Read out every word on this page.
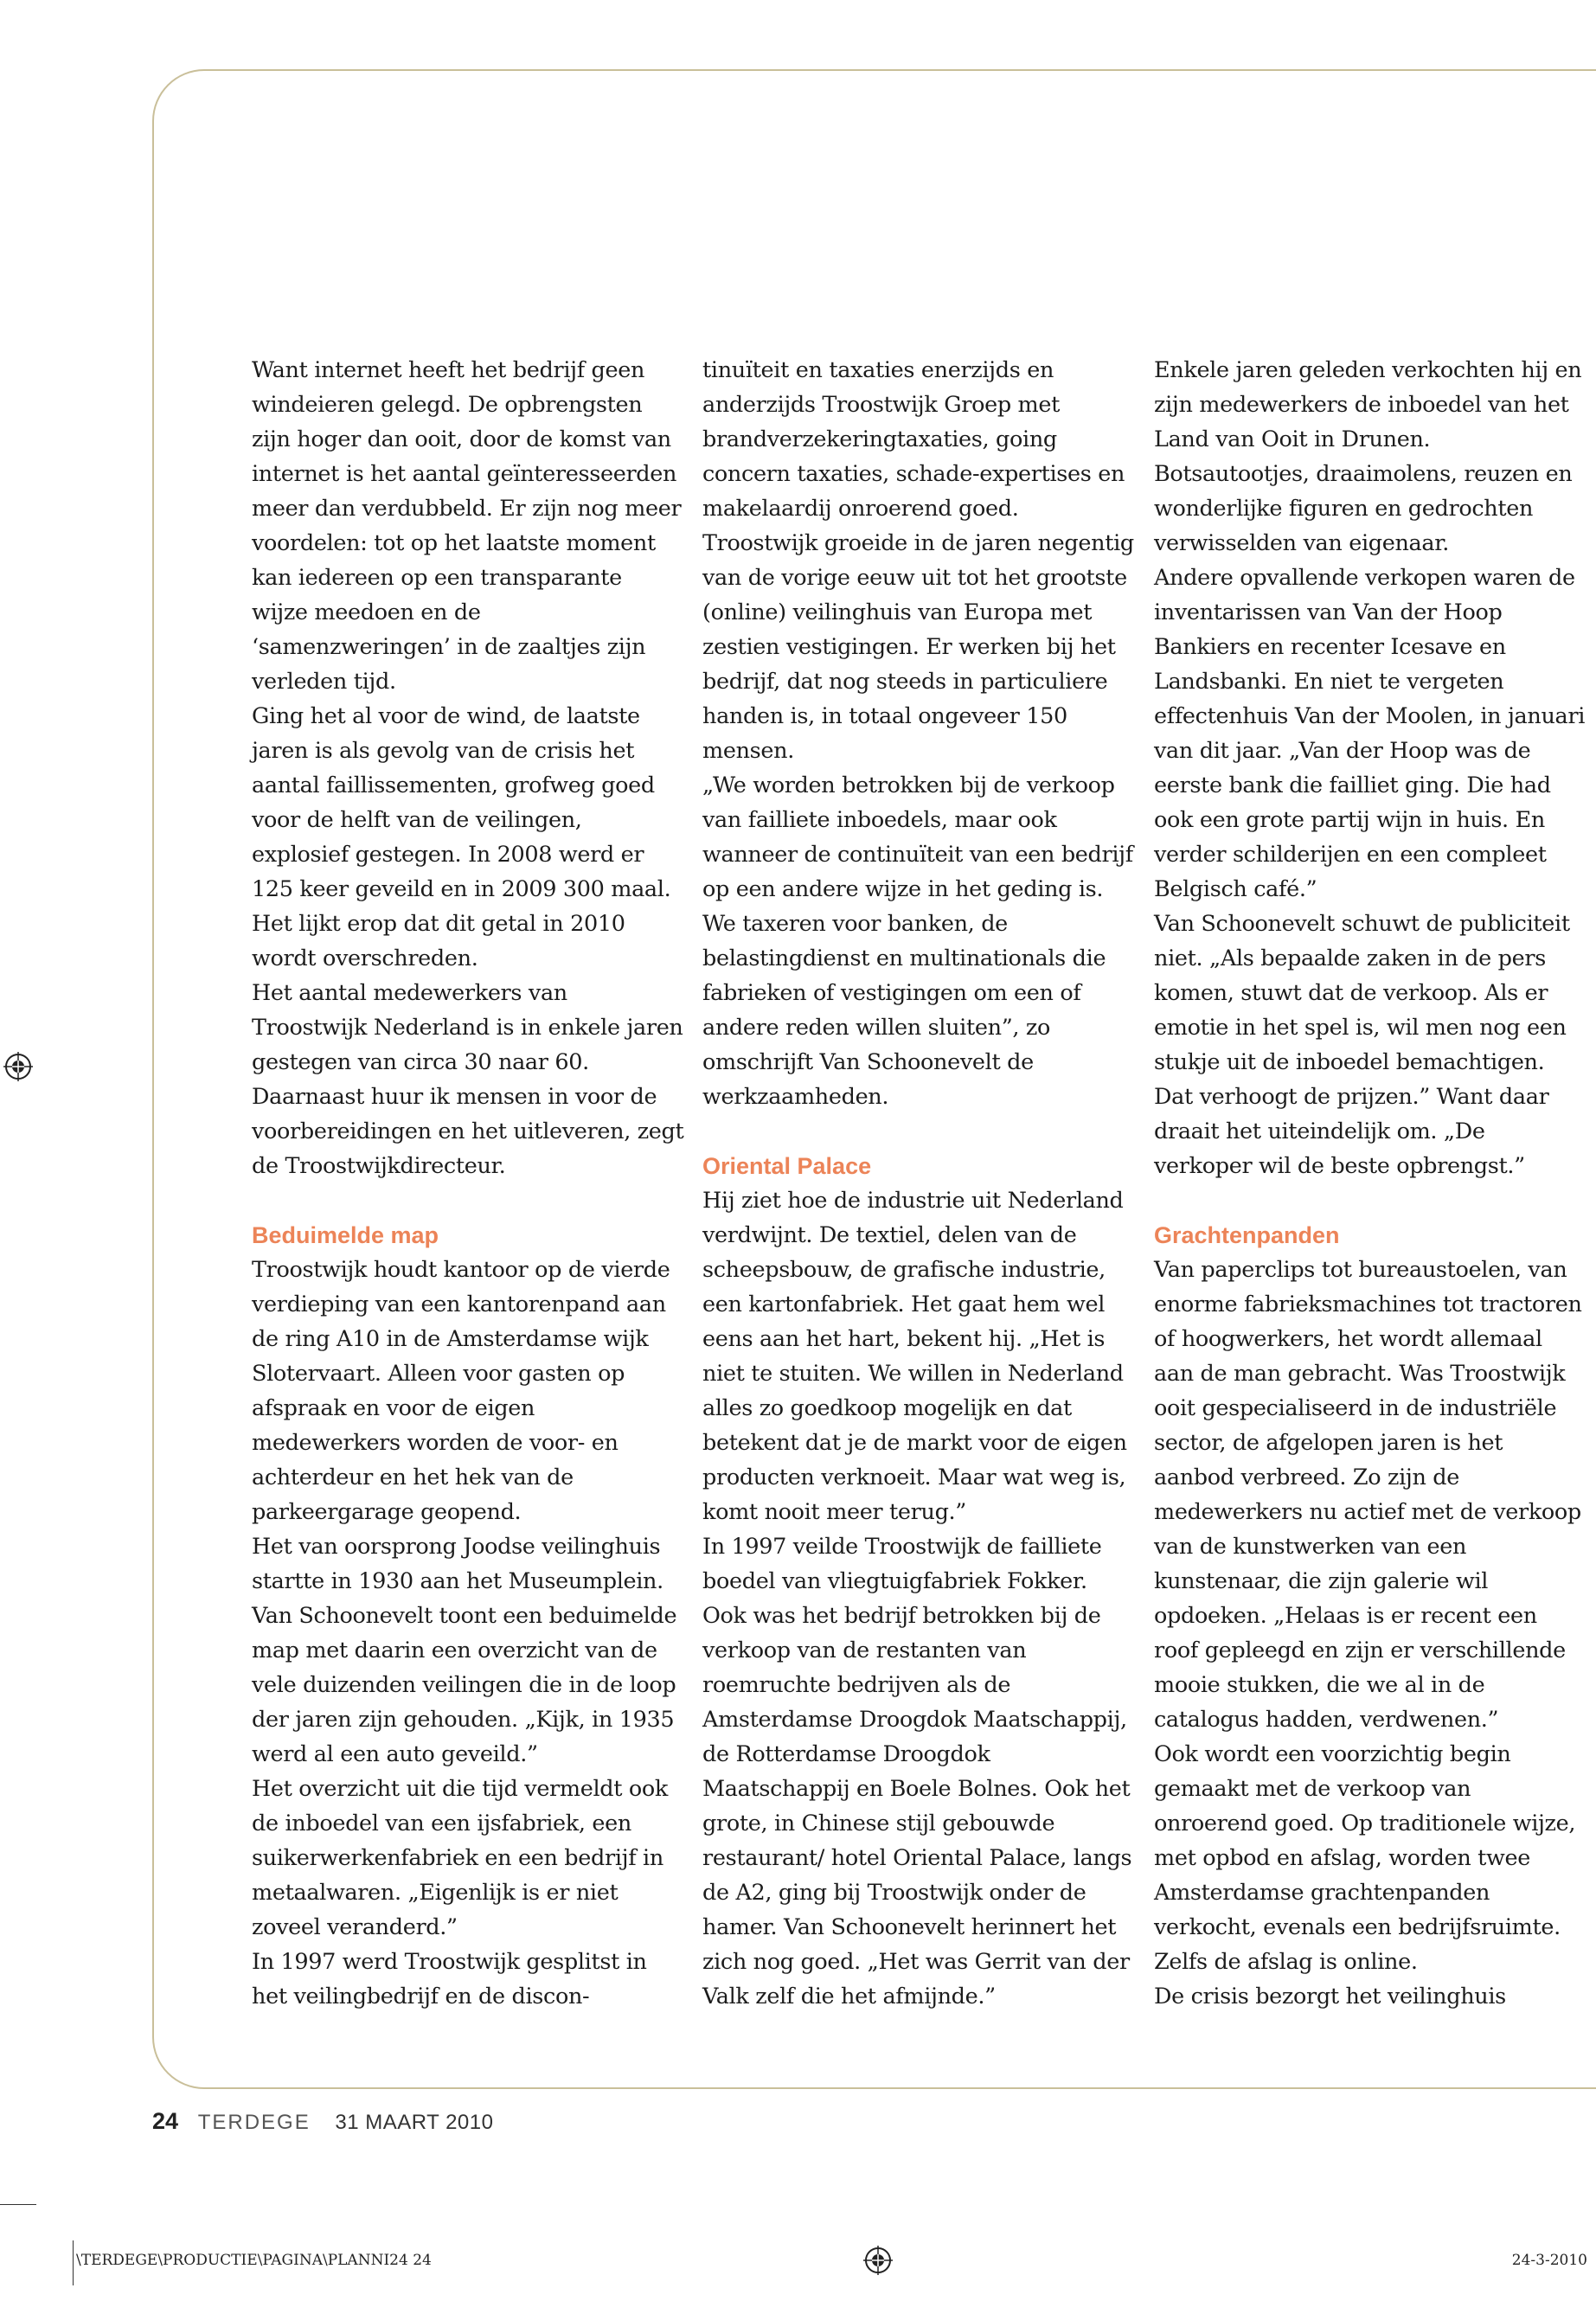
Want internet heeft het bedrijf geen windeieren gelegd. De opbrengsten zijn hoger dan ooit, door de komst van internet is het aantal geïnteresseerden meer dan verdubbeld. Er zijn nog meer voordelen: tot op het laatste moment kan iedereen op een transparante wijze meedoen en de ‘samenzweringen’ in de zaaltjes zijn verleden tijd.

Ging het al voor de wind, de laatste jaren is als gevolg van de crisis het aantal faillissementen, grofweg goed voor de helft van de veilingen, explosief gestegen. In 2008 werd er 125 keer geveild en in 2009 300 maal. Het lijkt erop dat dit getal in 2010 wordt overschreden.

Het aantal medewerkers van Troostwijk Nederland is in enkele jaren gestegen van circa 30 naar 60. Daarnaast huur ik mensen in voor de voorbereidingen en het uitleveren, zegt de Troostwijkdirecteur.

Beduimelde map

Troostwijk houdt kantoor op de vierde verdieping van een kantorenpand aan de ring A10 in de Amsterdamse wijk Slotervaart. Alleen voor gasten op afspraak en voor de eigen medewerkers worden de voor- en achterdeur en het hek van de parkeergarage geopend.

Het van oorsprong Joodse veilinghuis startte in 1930 aan het Museumplein. Van Schoonevelt toont een beduimelde map met daarin een overzicht van de vele duizenden veilingen die in de loop der jaren zijn gehouden. „Kijk, in 1935 werd al een auto geveild.”

Het overzicht uit die tijd vermeldt ook de inboedel van een ijsfabriek, een suikerwerkenfabriek en een bedrijf in metaalwaren. „Eigenlijk is er niet zoveel veranderd.”

In 1997 werd Troostwijk gesplitst in het veilingbedrijf en de discon-

tinuïteit en taxaties enerzijds en anderzijds Troostwijk Groep met brandverzekeringtaxaties, going concern taxaties, schade-expertises en makelaardij onroerend goed. Troostwijk groeide in de jaren negentig van de vorige eeuw uit tot het grootste (online) veilinghuis van Europa met zestien vestigingen. Er werken bij het bedrijf, dat nog steeds in particuliere handen is, in totaal ongeveer 150 mensen.

„We worden betrokken bij de verkoop van failliete inboedels, maar ook wanneer de continuïteit van een bedrijf op een andere wijze in het geding is. We taxeren voor banken, de belastingdienst en multinationals die fabrieken of vestigingen om een of andere reden willen sluiten”, zo omschrijft Van Schoonevelt de werkzaamheden.

Oriental Palace

Hij ziet hoe de industrie uit Nederland verdwijnt. De textiel, delen van de scheepsbouw, de grafische industrie, een kartonfabriek. Het gaat hem wel eens aan het hart, bekent hij. „Het is niet te stuiten. We willen in Nederland alles zo goedkoop mogelijk en dat betekent dat je de markt voor de eigen producten verknoeit. Maar wat weg is, komt nooit meer terug.”

In 1997 veilde Troostwijk de failliete boedel van vliegtuigfabriek Fokker. Ook was het bedrijf betrokken bij de verkoop van de restanten van roemruchte bedrijven als de Amsterdamse Droogdok Maatschappij, de Rotterdamse Droogdok Maatschappij en Boele Bolnes. Ook het grote, in Chinese stijl gebouwde restaurant/ hotel Oriental Palace, langs de A2, ging bij Troostwijk onder de hamer. Van Schoonevelt herinnert het zich nog goed. „Het was Gerrit van der Valk zelf die het afmijnde.”

Enkele jaren geleden verkochten hij en zijn medewerkers de inboedel van het Land van Ooit in Drunen. Botsautootjes, draaimolens, reuzen en wonderlijke figuren en gedrochten verwisselden van eigenaar.

Andere opvallende verkopen waren de inventarissen van Van der Hoop Bankiers en recenter Icesave en Landsbanki. En niet te vergeten effectenhuis Van der Moolen, in januari van dit jaar. „Van der Hoop was de eerste bank die failliet ging. Die had ook een grote partij wijn in huis. En verder schilderijen en een compleet Belgisch café.”

Van Schoonevelt schuwt de publiciteit niet. „Als bepaalde zaken in de pers komen, stuwt dat de verkoop. Als er emotie in het spel is, wil men nog een stukje uit de inboedel bemachtigen. Dat verhoogt de prijzen.” Want daar draait het uiteindelijk om. „De verkoper wil de beste opbrengst.”

Grachtenpanden

Van paperclips tot bureaustoelen, van enorme fabrieksmachines tot tractoren of hoogwerkers, het wordt allemaal aan de man gebracht. Was Troostwijk ooit gespecialiseerd in de industriële sector, de afgelopen jaren is het aanbod verbreed. Zo zijn de medewerkers nu actief met de verkoop van de kunstwerken van een kunstenaar, die zijn galerie wil opdoeken. „Helaas is er recent een roof gepleegd en zijn er verschillende mooie stukken, die we al in de catalogus hadden, verdwenen.”

Ook wordt een voorzichtig begin gemaakt met de verkoop van onroerend goed. Op traditionele wijze, met opbod en afslag, worden twee Amsterdamse grachtenpanden verkocht, evenals een bedrijfsruimte. Zelfs de afslag is online.

De crisis bezorgt het veilinghuis

24 TERDEGE 31 MAART 2010
\TERDEGE\PRODUCTIE\PAGINA\PLANNI24 24	24-3-2010
